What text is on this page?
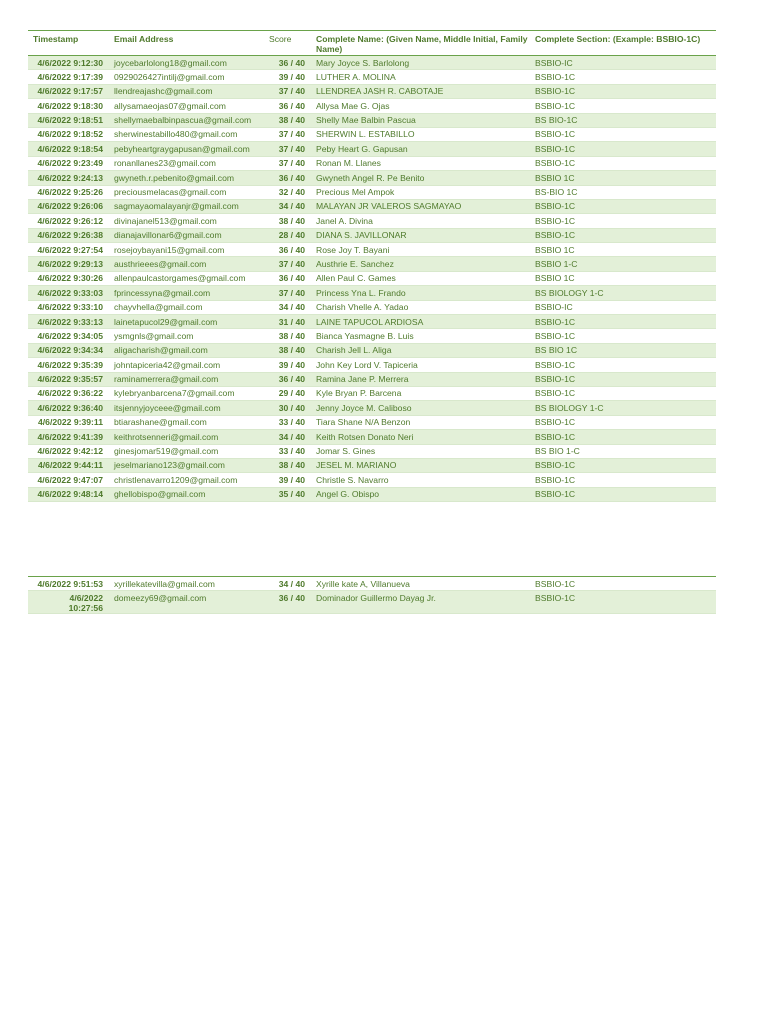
Timestamp	Email Address	Score	Complete Name: (Given Name, Middle Initial, Family Name)	Complete Section: (Example: BSBIO-1C)
4/6/2022 9:12:30	joycebarlolong18@gmail.com	36 / 40	Mary Joyce S. Barlolong	BSBIO-IC
4/6/2022 9:17:39	0929026427intilj@gmail.com	39 / 40	LUTHER A. MOLINA	BSBIO-1C
4/6/2022 9:17:57	llendreajashc@gmail.com	37 / 40	LLENDREA JASH R. CABOTAJE	BSBIO-1C
4/6/2022 9:18:30	allysamaeojas07@gmail.com	36 / 40	Allysa Mae G. Ojas	BSBIO-1C
4/6/2022 9:18:51	shellymaebalbinpascua@gmail.com	38 / 40	Shelly Mae Balbin Pascua	BS BIO-1C
4/6/2022 9:18:52	sherwinestabillo480@gmail.com	37 / 40	SHERWIN L. ESTABILLO	BSBIO-1C
4/6/2022 9:18:54	pebyheartgraygapusan@gmail.com	37 / 40	Peby Heart G. Gapusan	BSBIO-1C
4/6/2022 9:23:49	ronanllanes23@gmail.com	37 / 40	Ronan M. Llanes	BSBIO-1C
4/6/2022 9:24:13	gwyneth.r.pebenito@gmail.com	36 / 40	Gwyneth Angel R. Pe Benito	BSBIO 1C
4/6/2022 9:25:26	preciousmelacas@gmail.com	32 / 40	Precious Mel Ampok	BS-BIO 1C
4/6/2022 9:26:06	sagmayaomalayanjr@gmail.com	34 / 40	MALAYAN JR VALEROS SAGMAYAO	BSBIO-1C
4/6/2022 9:26:12	divinajanel513@gmail.com	38 / 40	Janel A. Divina	BSBIO-1C
4/6/2022 9:26:38	dianajavillonar6@gmail.com	28 / 40	DIANA S. JAVILLONAR	BSBIO-1C
4/6/2022 9:27:54	rosejoybayani15@gmail.com	36 / 40	Rose Joy T. Bayani	BSBIO 1C
4/6/2022 9:29:13	austhrieees@gmail.com	37 / 40	Austhrie E. Sanchez	BSBIO 1-C
4/6/2022 9:30:26	allenpaulcastorgames@gmail.com	36 / 40	Allen Paul C. Games	BSBIO 1C
4/6/2022 9:33:03	fprincessyna@gmail.com	37 / 40	Princess Yna L. Frando	BS BIOLOGY 1-C
4/6/2022 9:33:10	chayvhella@gmail.com	34 / 40	Charish Vhelle A. Yadao	BSBIO-IC
4/6/2022 9:33:13	lainetapucol29@gmail.com	31 / 40	LAINE TAPUCOL ARDIOSA	BSBIO-1C
4/6/2022 9:34:05	ysmgnls@gmail.com	38 / 40	Bianca Yasmagne B. Luis	BSBIO-1C
4/6/2022 9:34:34	aligacharish@gmail.com	38 / 40	Charish Jell L. Aliga	BS BIO 1C
4/6/2022 9:35:39	johntapiceria42@gmail.com	39 / 40	John Key Lord V. Tapiceria	BSBIO-1C
4/6/2022 9:35:57	raminamerrera@gmail.com	36 / 40	Ramina Jane P. Merrera	BSBIO-1C
4/6/2022 9:36:22	kylebryanbarcena7@gmail.com	29 / 40	Kyle Bryan P. Barcena	BSBIO-1C
4/6/2022 9:36:40	itsjennyjoyceee@gmail.com	30 / 40	Jenny Joyce M. Caliboso	BS BIOLOGY 1-C
4/6/2022 9:39:11	btiarashane@gmail.com	33 / 40	Tiara Shane N/A Benzon	BSBIO-1C
4/6/2022 9:41:39	keithrotsenneri@gmail.com	34 / 40	Keith Rotsen Donato Neri	BSBIO-1C
4/6/2022 9:42:12	ginesjomar519@gmail.com	33 / 40	Jomar S. Gines	BS BIO 1-C
4/6/2022 9:44:11	jeselmariano123@gmail.com	38 / 40	JESEL M. MARIANO	BSBIO-1C
4/6/2022 9:47:07	christlenavarro1209@gmail.com	39 / 40	Christle S. Navarro	BSBIO-1C
4/6/2022 9:48:14	ghellobispo@gmail.com	35 / 40	Angel G. Obispo	BSBIO-1C
4/6/2022 9:51:53	xyrillekatevilla@gmail.com	34 / 40	Xyrille kate A, Villanueva	BSBIO-1C
4/6/2022 10:27:56	domeezy69@gmail.com	36 / 40	Dominador Guillermo Dayag Jr.	BSBIO-1C
